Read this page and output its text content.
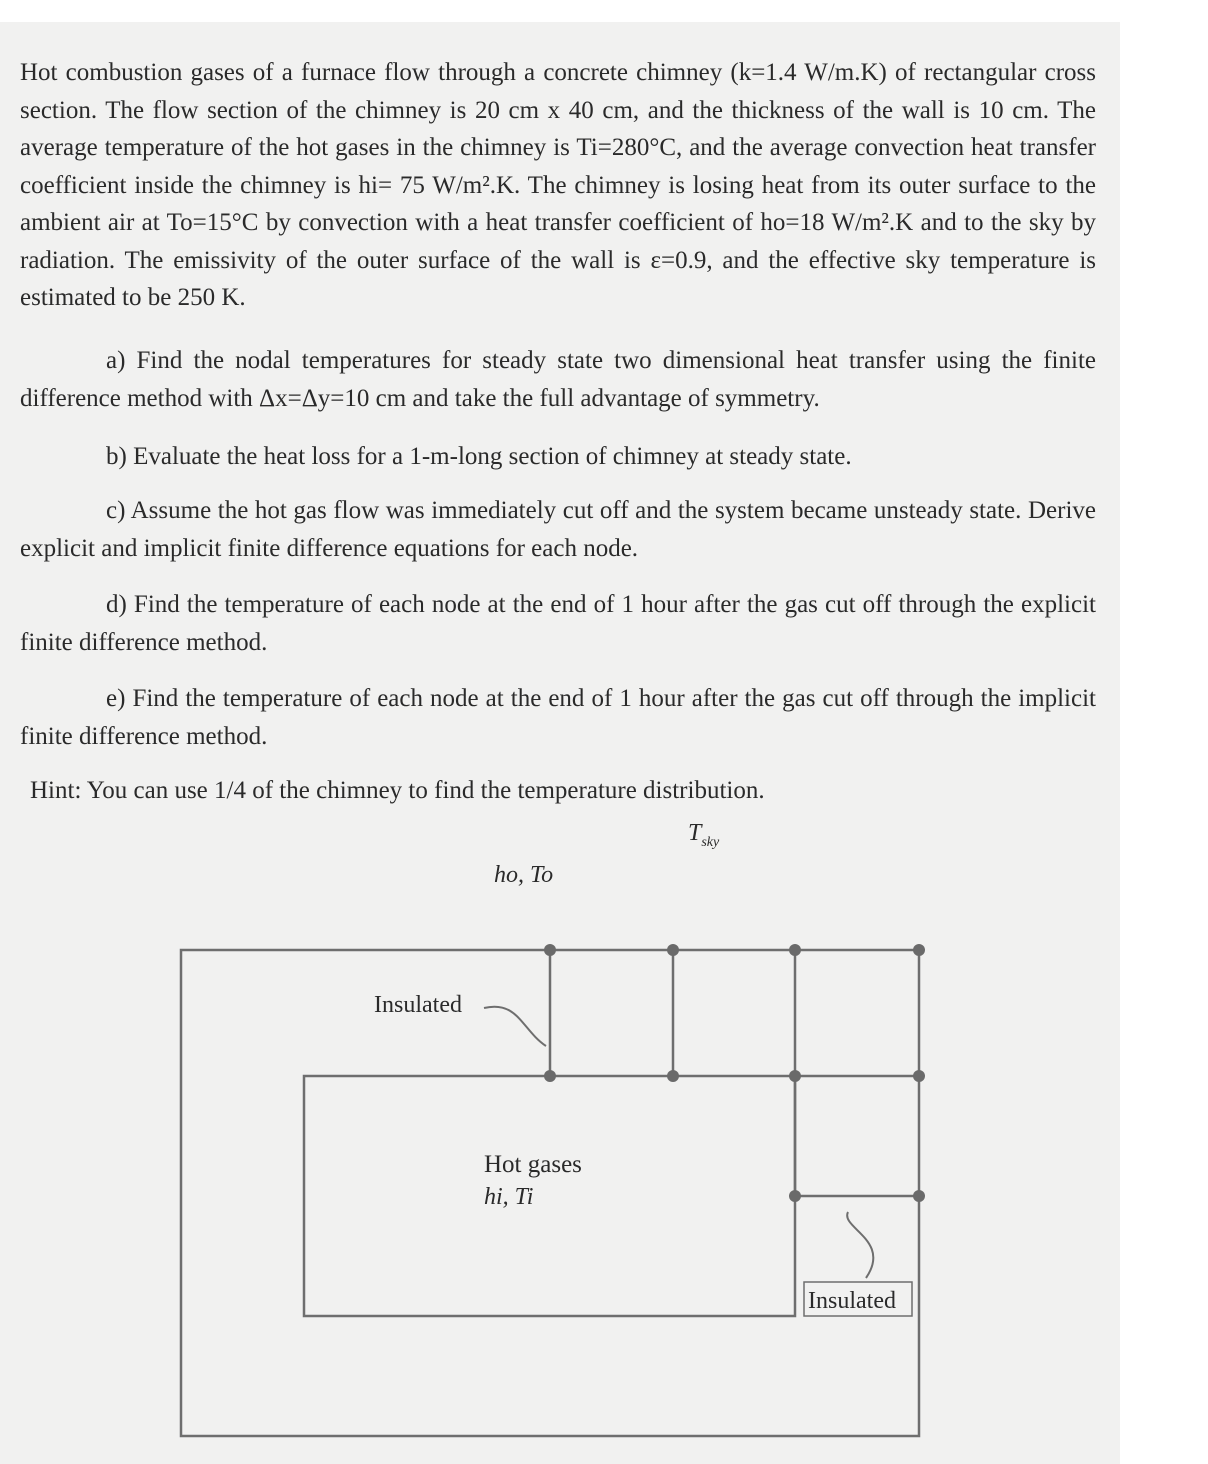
Hot combustion gases of a furnace flow through a concrete chimney (k=1.4 W/m.K) of rectangular cross section. The flow section of the chimney is 20 cm x 40 cm, and the thickness of the wall is 10 cm. The average temperature of the hot gases in the chimney is Ti=280°C, and the average convection heat transfer coefficient inside the chimney is hi= 75 W/m².K. The chimney is losing heat from its outer surface to the ambient air at To=15°C by convection with a heat transfer coefficient of ho=18 W/m².K and to the sky by radiation. The emissivity of the outer surface of the wall is ε=0.9, and the effective sky temperature is estimated to be 250 K.

a) Find the nodal temperatures for steady state two dimensional heat transfer using the finite difference method with Δx=Δy=10 cm and take the full advantage of symmetry.

b) Evaluate the heat loss for a 1-m-long section of chimney at steady state.

c) Assume the hot gas flow was immediately cut off and the system became unsteady state. Derive explicit and implicit finite difference equations for each node.

d) Find the temperature of each node at the end of 1 hour after the gas cut off through the explicit finite difference method.

e) Find the temperature of each node at the end of 1 hour after the gas cut off through the implicit finite difference method.

Hint: You can use 1/4 of the chimney to find the temperature distribution.

$T_{sky}$
ho, To
Insulated
Hot gases
hi, Ti
Insulated
